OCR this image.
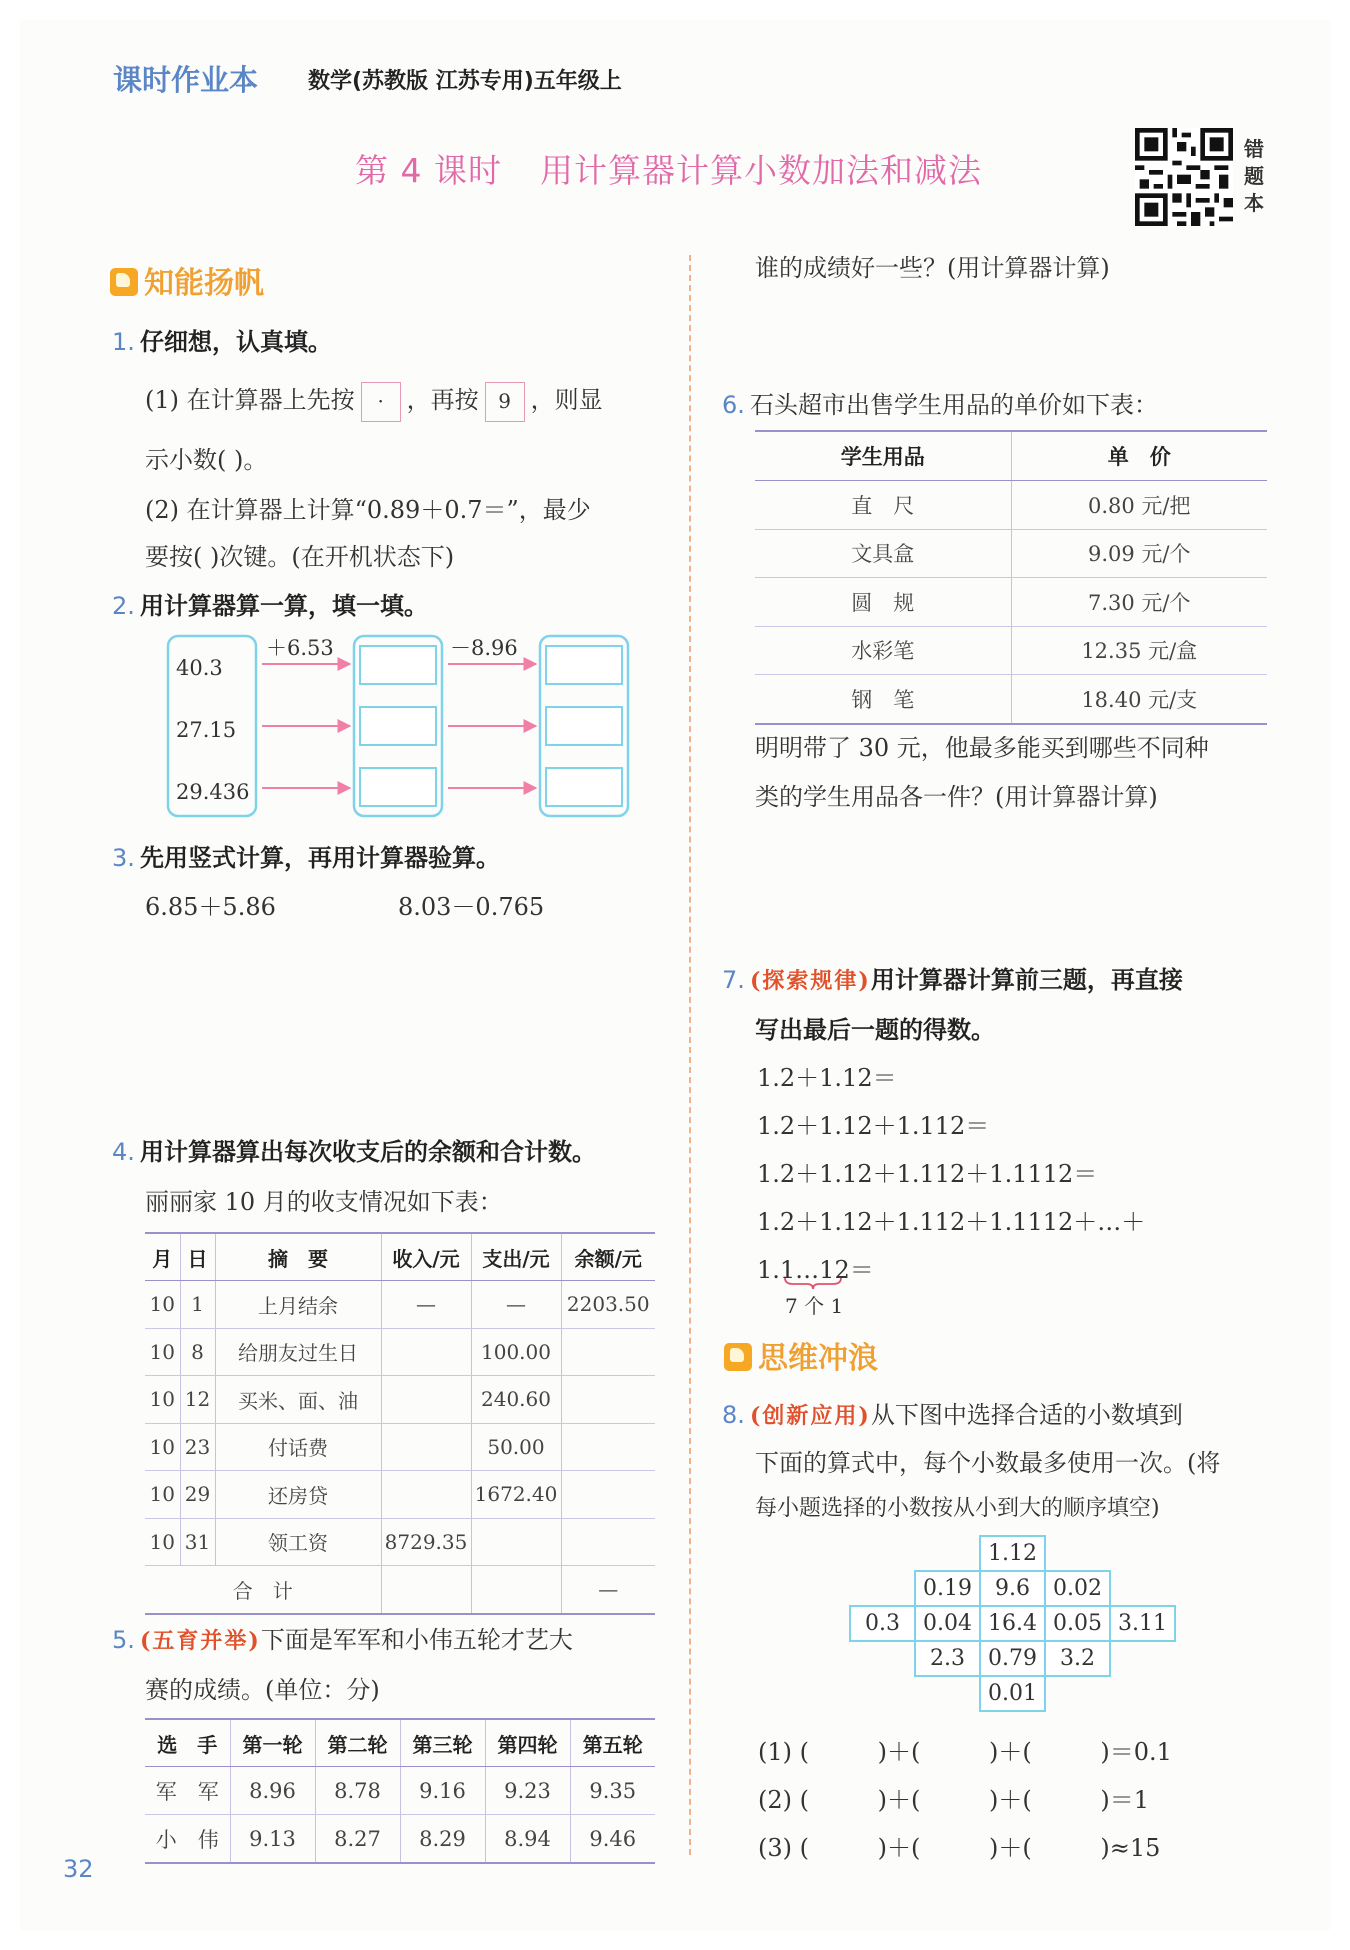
课时作业本 数学(苏教版 江苏专用)五年级上
第 4 课时 用计算器计算小数加法和减法
错
题
本
知能扬帆
1. 仔细想，认真填。
(1) 在计算器上先按 · ，再按 9 ，则显
示小数( )。
(2) 在计算器上计算“0.89＋0.7＝”，最少
要按( )次键。(在开机状态下)
2. 用计算器算一算，填一填。
40.3
27.15
29.436
＋6.53	－8.96
3. 先用竖式计算，再用计算器验算。
6.85＋5.86	8.03－0.765
4. 用计算器算出每次收支后的余额和合计数。
丽丽家 10 月的收支情况如下表：
月	日	摘　要	收入/元	支出/元	余额/元
10	1	上月结余	—	—	2203.50
10	8	给朋友过生日		100.00	
10	12	买米、面、油		240.60	
10	23	付话费		50.00	
10	29	还房贷		1672.40	
10	31	领工资	8729.35		
合　计					—
5. (五育并举)下面是军军和小伟五轮才艺大
赛的成绩。(单位：分)
选　手	第一轮	第二轮	第三轮	第四轮	第五轮
军　军	8.96	8.78	9.16	9.23	9.35
小　伟	9.13	8.27	8.29	8.94	9.46
32
谁的成绩好一些？(用计算器计算)
6. 石头超市出售学生用品的单价如下表：
学生用品	单　价
直　尺	0.80 元/把
文具盒	9.09 元/个
圆　规	7.30 元/个
水彩笔	12.35 元/盒
钢　笔	18.40 元/支
明明带了 30 元，他最多能买到哪些不同种
类的学生用品各一件？(用计算器计算)
7. (探索规律)用计算器计算前三题，再直接
写出最后一题的得数。
1.2＋1.12＝
1.2＋1.12＋1.112＝
1.2＋1.12＋1.112＋1.1112＝
1.2＋1.12＋1.112＋1.1112＋…＋
1.1…12＝
7 个 1
思维冲浪
8. (创新应用)从下图中选择合适的小数填到
下面的算式中，每个小数最多使用一次。(将
每小题选择的小数按从小到大的顺序填空)
1.12
0.19	9.6	0.02
0.3	0.04 16.4 0.05 3.11
2.3	0.79	3.2
0.01
(1) (         )＋(         )＋(         )＝0.1
(2) (         )＋(         )＋(         )＝1
(3) (         )＋(         )＋(         )≈15
